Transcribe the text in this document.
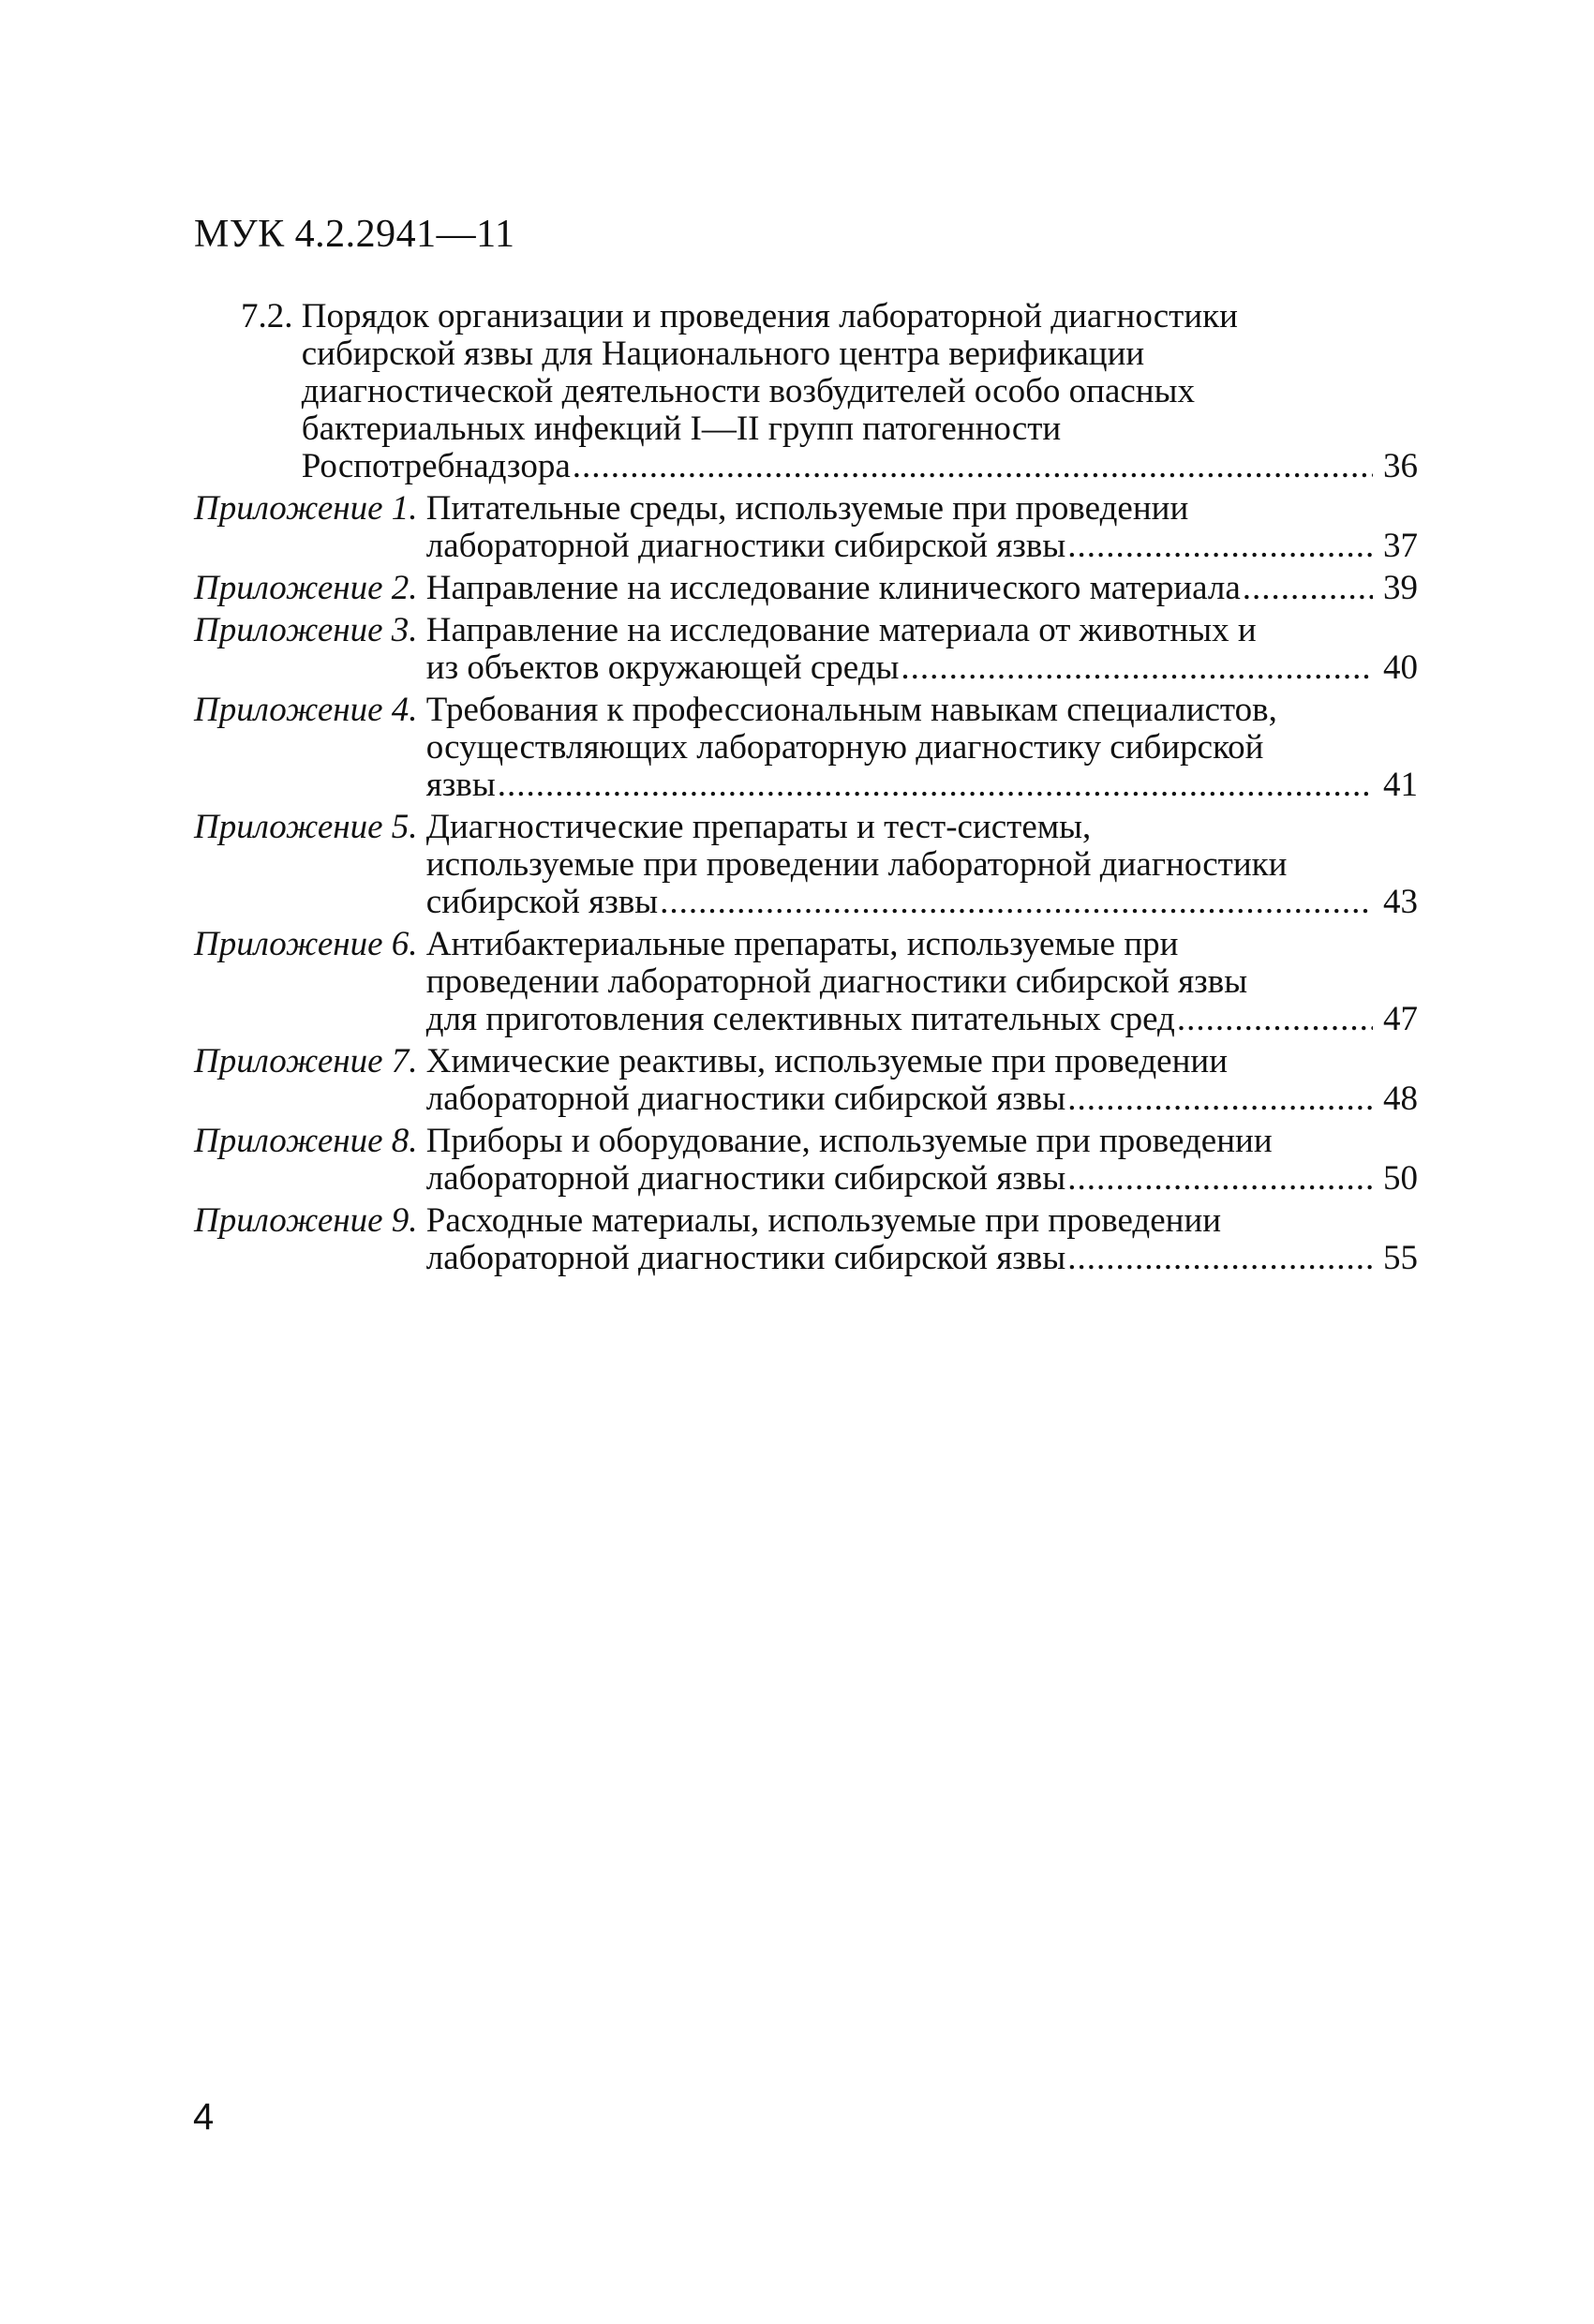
МУК 4.2.2941—11
7.2. Порядок организации и проведения лабораторной диагностики
сибирской язвы для Национального центра верификации
диагностической деятельности возбудителей особо опасных
бактериальных инфекций I—II групп патогенности
Роспотребнадзора .....	36
Приложение 1. Питательные среды, используемые при проведении
лабораторной диагностики сибирской язвы .....	37
Приложение 2. Направление на исследование клинического материала .....	39
Приложение 3. Направление на исследование материала от животных и
из объектов окружающей среды .....	40
Приложение 4. Требования к профессиональным навыкам специалистов,
осуществляющих лабораторную диагностику сибирской
язвы .....	41
Приложение 5. Диагностические препараты и тест-системы,
используемые при проведении лабораторной диагностики
сибирской язвы .....	43
Приложение 6. Антибактериальные препараты, используемые при
проведении лабораторной диагностики сибирской язвы
для приготовления селективных питательных сред .....	47
Приложение 7. Химические реактивы, используемые при проведении
лабораторной диагностики сибирской язвы .....	48
Приложение 8. Приборы и оборудование, используемые при проведении
лабораторной диагностики сибирской язвы .....	50
Приложение 9. Расходные материалы, используемые при проведении
лабораторной диагностики сибирской язвы .....	55
4
